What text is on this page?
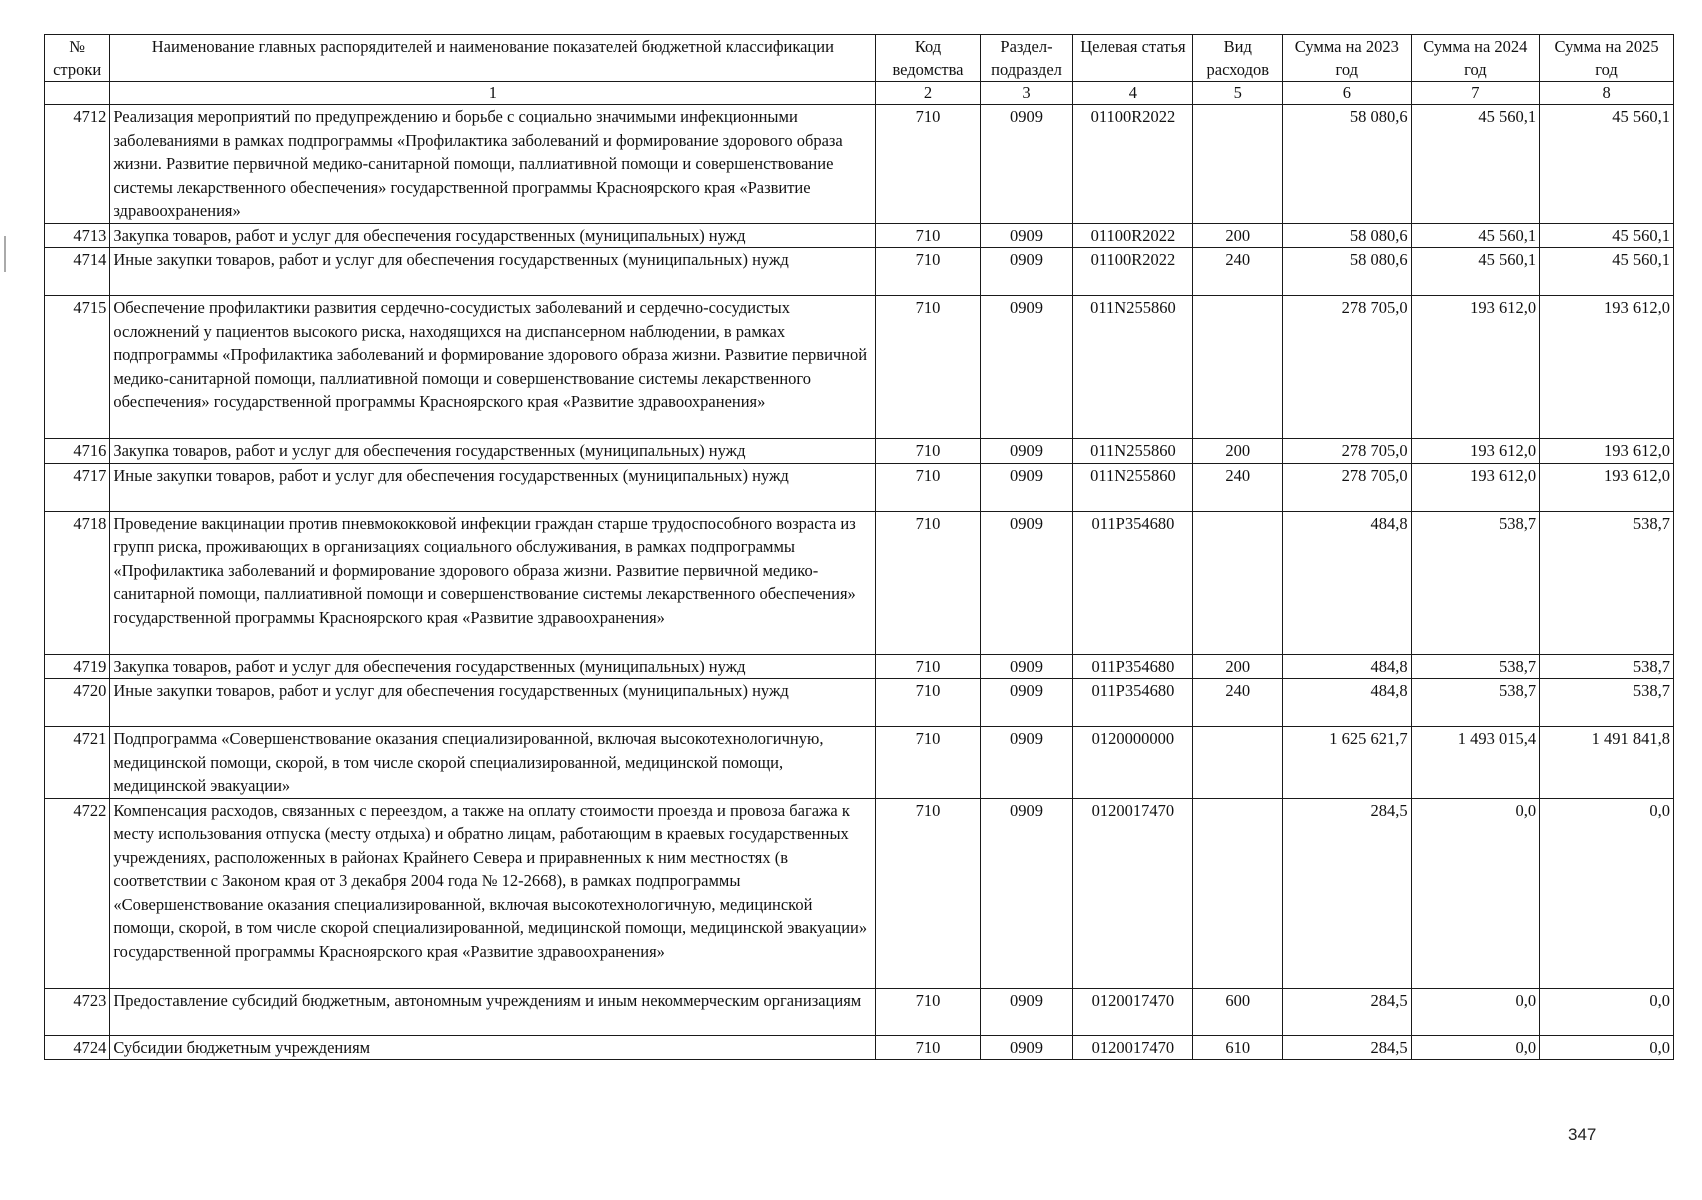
№ строки	Наименование главных распорядителей и наименование показателей бюджетной классификации	Код ведомства	Раздел-подраздел	Целевая статья	Вид расходов	Сумма на 2023 год	Сумма на 2024 год	Сумма на 2025 год
	1	2	3	4	5	6	7	8
4712	Реализация мероприятий по предупреждению и борьбе с социально значимыми инфекционными заболеваниями в рамках подпрограммы «Профилактика заболеваний и формирование здорового образа жизни. Развитие первичной медико-санитарной помощи, паллиативной помощи и совершенствование системы лекарственного обеспечения» государственной программы Красноярского края «Развитие здравоохранения»	710	0909	01100R2022		58 080,6	45 560,1	45 560,1
4713	Закупка товаров, работ и услуг для обеспечения государственных (муниципальных) нужд	710	0909	01100R2022	200	58 080,6	45 560,1	45 560,1
4714	Иные закупки товаров, работ и услуг для обеспечения государственных (муниципальных) нужд	710	0909	01100R2022	240	58 080,6	45 560,1	45 560,1
4715	Обеспечение профилактики развития сердечно-сосудистых заболеваний и сердечно-сосудистых осложнений у пациентов высокого риска, находящихся на диспансерном наблюдении, в рамках подпрограммы «Профилактика заболеваний и формирование здорового образа жизни. Развитие первичной медико-санитарной помощи, паллиативной помощи и совершенствование системы лекарственного обеспечения» государственной программы Красноярского края «Развитие здравоохранения»	710	0909	011N255860		278 705,0	193 612,0	193 612,0
4716	Закупка товаров, работ и услуг для обеспечения государственных (муниципальных) нужд	710	0909	011N255860	200	278 705,0	193 612,0	193 612,0
4717	Иные закупки товаров, работ и услуг для обеспечения государственных (муниципальных) нужд	710	0909	011N255860	240	278 705,0	193 612,0	193 612,0
4718	Проведение вакцинации против пневмококковой инфекции граждан старше трудоспособного возраста из групп риска, проживающих в организациях социального обслуживания, в рамках подпрограммы «Профилактика заболеваний и формирование здорового образа жизни. Развитие первичной медико-санитарной помощи, паллиативной помощи и совершенствование системы лекарственного обеспечения» государственной программы Красноярского края «Развитие здравоохранения»	710	0909	011P354680		484,8	538,7	538,7
4719	Закупка товаров, работ и услуг для обеспечения государственных (муниципальных) нужд	710	0909	011P354680	200	484,8	538,7	538,7
4720	Иные закупки товаров, работ и услуг для обеспечения государственных (муниципальных) нужд	710	0909	011P354680	240	484,8	538,7	538,7
4721	Подпрограмма «Совершенствование оказания специализированной, включая высокотехнологичную, медицинской помощи, скорой, в том числе скорой специализированной, медицинской помощи, медицинской эвакуации»	710	0909	0120000000		1 625 621,7	1 493 015,4	1 491 841,8
4722	Компенсация расходов, связанных с переездом, а также на оплату стоимости проезда и провоза багажа к месту использования отпуска (месту отдыха) и обратно лицам, работающим в краевых государственных учреждениях, расположенных в районах Крайнего Севера и приравненных к ним местностях (в соответствии с Законом края от 3 декабря 2004 года № 12-2668), в рамках подпрограммы «Совершенствование оказания специализированной, включая высокотехнологичную, медицинской помощи, скорой, в том числе скорой специализированной, медицинской помощи, медицинской эвакуации» государственной программы Красноярского края «Развитие здравоохранения»	710	0909	0120017470		284,5	0,0	0,0
4723	Предоставление субсидий бюджетным, автономным учреждениям и иным некоммерческим организациям	710	0909	0120017470	600	284,5	0,0	0,0
4724	Субсидии бюджетным учреждениям	710	0909	0120017470	610	284,5	0,0	0,0
347
